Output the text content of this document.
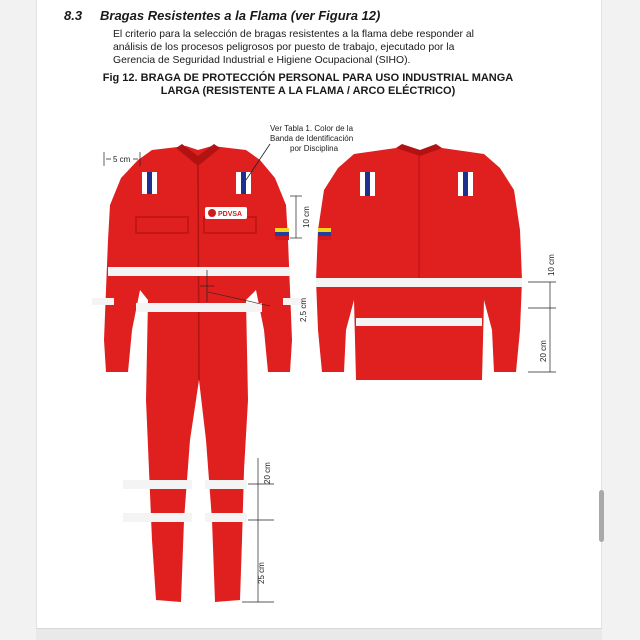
8.3 Bragas Resistentes a la Flama (ver Figura 12)
El criterio para la selección de bragas resistentes a la flama debe responder al
análisis de los procesos peligrosos por puesto de trabajo, ejecutado por la
Gerencia de Seguridad Industrial e Higiene Ocupacional (SIHO).
Fig 12. BRAGA DE PROTECCIÓN PERSONAL PARA USO INDUSTRIAL MANGA
LARGA (RESISTENTE A LA FLAMA / ARCO ELÉCTRICO)
PDVSA
Ver Tabla 1. Color de la
Banda de Identificación
por Disciplina
5 cm
10 cm
2,5 cm
10 cm
20 cm
20 cm
25 cm
